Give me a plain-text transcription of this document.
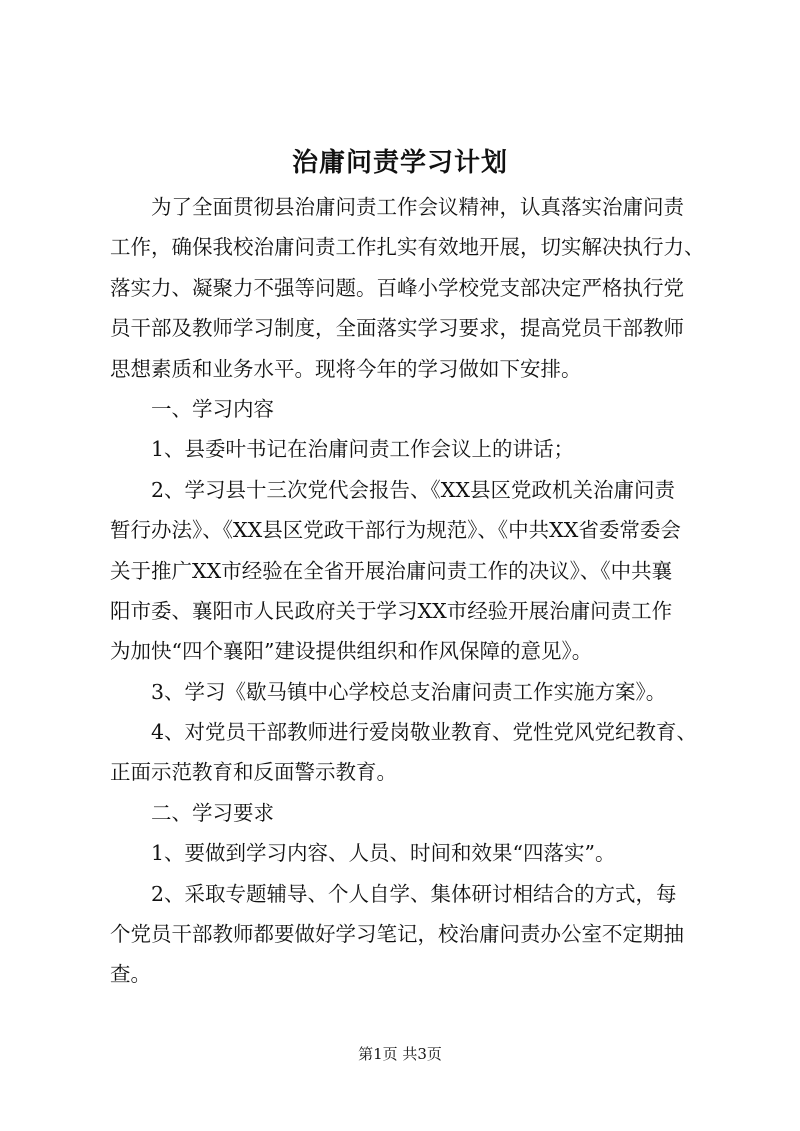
治庸问责学习计划
为了全面贯彻县治庸问责工作会议精神，认真落实治庸问责
工作，确保我校治庸问责工作扎实有效地开展，切实解决执行力、
落实力、凝聚力不强等问题。百峰小学校党支部决定严格执行党
员干部及教师学习制度，全面落实学习要求，提高党员干部教师
思想素质和业务水平。现将今年的学习做如下安排。
一、学习内容
1、县委叶书记在治庸问责工作会议上的讲话；
2、学习县十三次党代会报告、《XX县区党政机关治庸问责
暂行办法》、《XX县区党政干部行为规范》、《中共XX省委常委会
关于推广XX市经验在全省开展治庸问责工作的决议》、《中共襄
阳市委、襄阳市人民政府关于学习XX市经验开展治庸问责工作
为加快“四个襄阳”建设提供组织和作风保障的意见》。
3、学习《歇马镇中心学校总支治庸问责工作实施方案》。
4、对党员干部教师进行爱岗敬业教育、党性党风党纪教育、
正面示范教育和反面警示教育。
二、学习要求
1、要做到学习内容、人员、时间和效果“四落实”。
2、采取专题辅导、个人自学、集体研讨相结合的方式，每
个党员干部教师都要做好学习笔记，校治庸问责办公室不定期抽
查。
第1页 共3页
